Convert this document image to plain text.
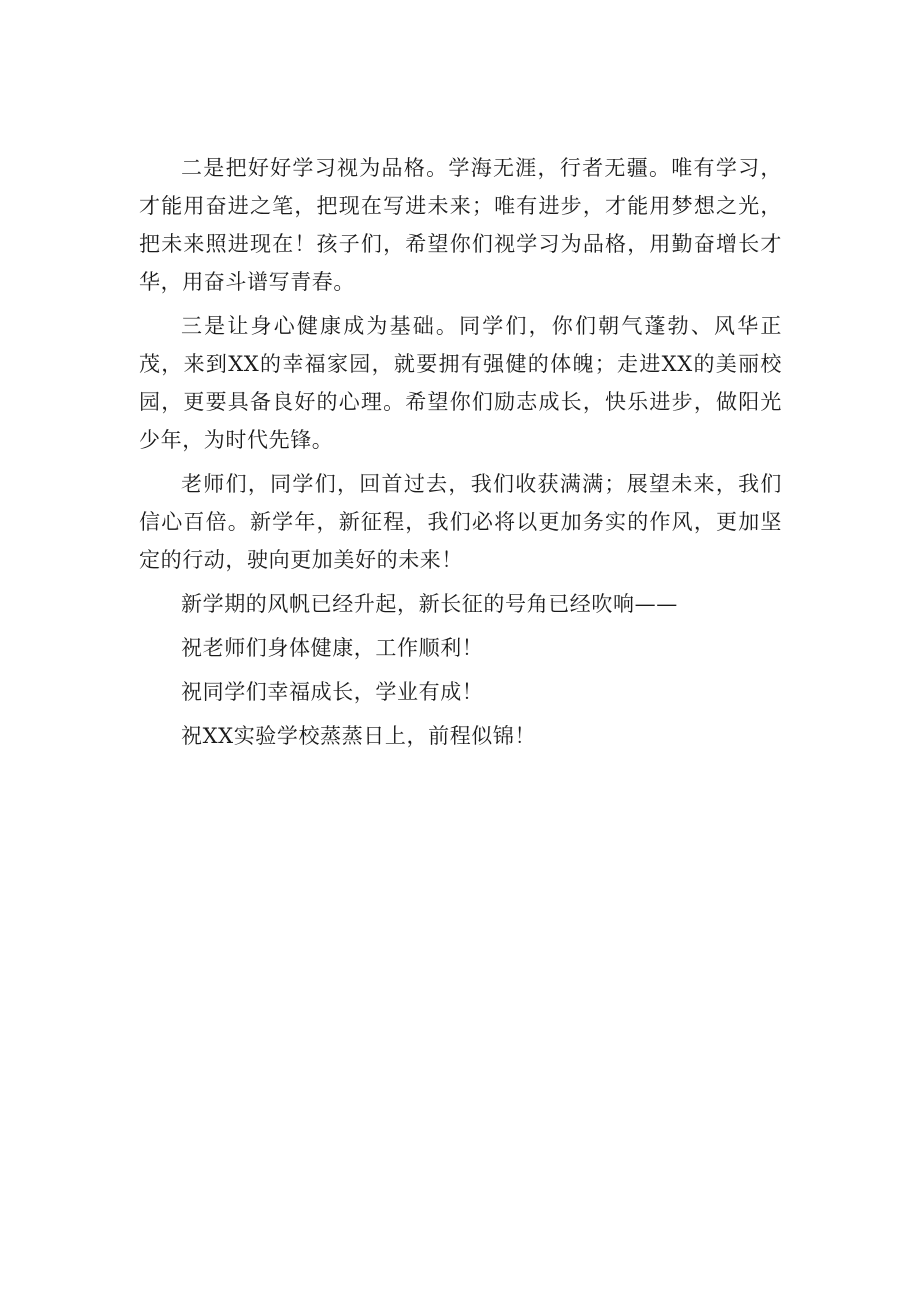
二是把好好学习视为品格。学海无涯，行者无疆。唯有学习，才能用奋进之笔，把现在写进未来；唯有进步，才能用梦想之光，把未来照进现在！孩子们，希望你们视学习为品格，用勤奋增长才华，用奋斗谱写青春。

三是让身心健康成为基础。同学们，你们朝气蓬勃、风华正茂，来到XX的幸福家园，就要拥有强健的体魄；走进XX的美丽校园，更要具备良好的心理。希望你们励志成长，快乐进步，做阳光少年，为时代先锋。

老师们，同学们，回首过去，我们收获满满；展望未来，我们信心百倍。新学年，新征程，我们必将以更加务实的作风，更加坚定的行动，驶向更加美好的未来！

新学期的风帆已经升起，新长征的号角已经吹响——

祝老师们身体健康，工作顺利！

祝同学们幸福成长，学业有成！

祝XX实验学校蒸蒸日上，前程似锦！
